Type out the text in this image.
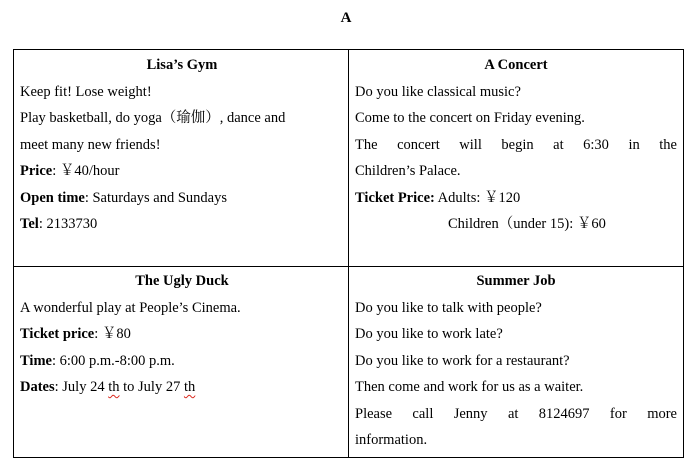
A
Lisa’s Gym
Keep fit! Lose weight!
Play basketball, do yoga（瑜伽）, dance and
meet many new friends!
Price: ￥40/hour
Open time: Saturdays and Sundays
Tel: 2133730
A Concert
Do you like classical music?
Come to the concert on Friday evening.
The concert will begin at 6:30 in the
Children’s Palace.
Ticket Price: Adults: ￥120
Children（under 15): ￥60
The Ugly Duck
A wonderful play at People’s Cinema.
Ticket price: ￥80
Time: 6:00 p.m.-8:00 p.m.
Dates: July 24 th to July 27 th
Summer Job
Do you like to talk with people?
Do you like to work late?
Do you like to work for a restaurant?
Then come and work for us as a waiter.
Please call Jenny at 8124697 for more
information.
